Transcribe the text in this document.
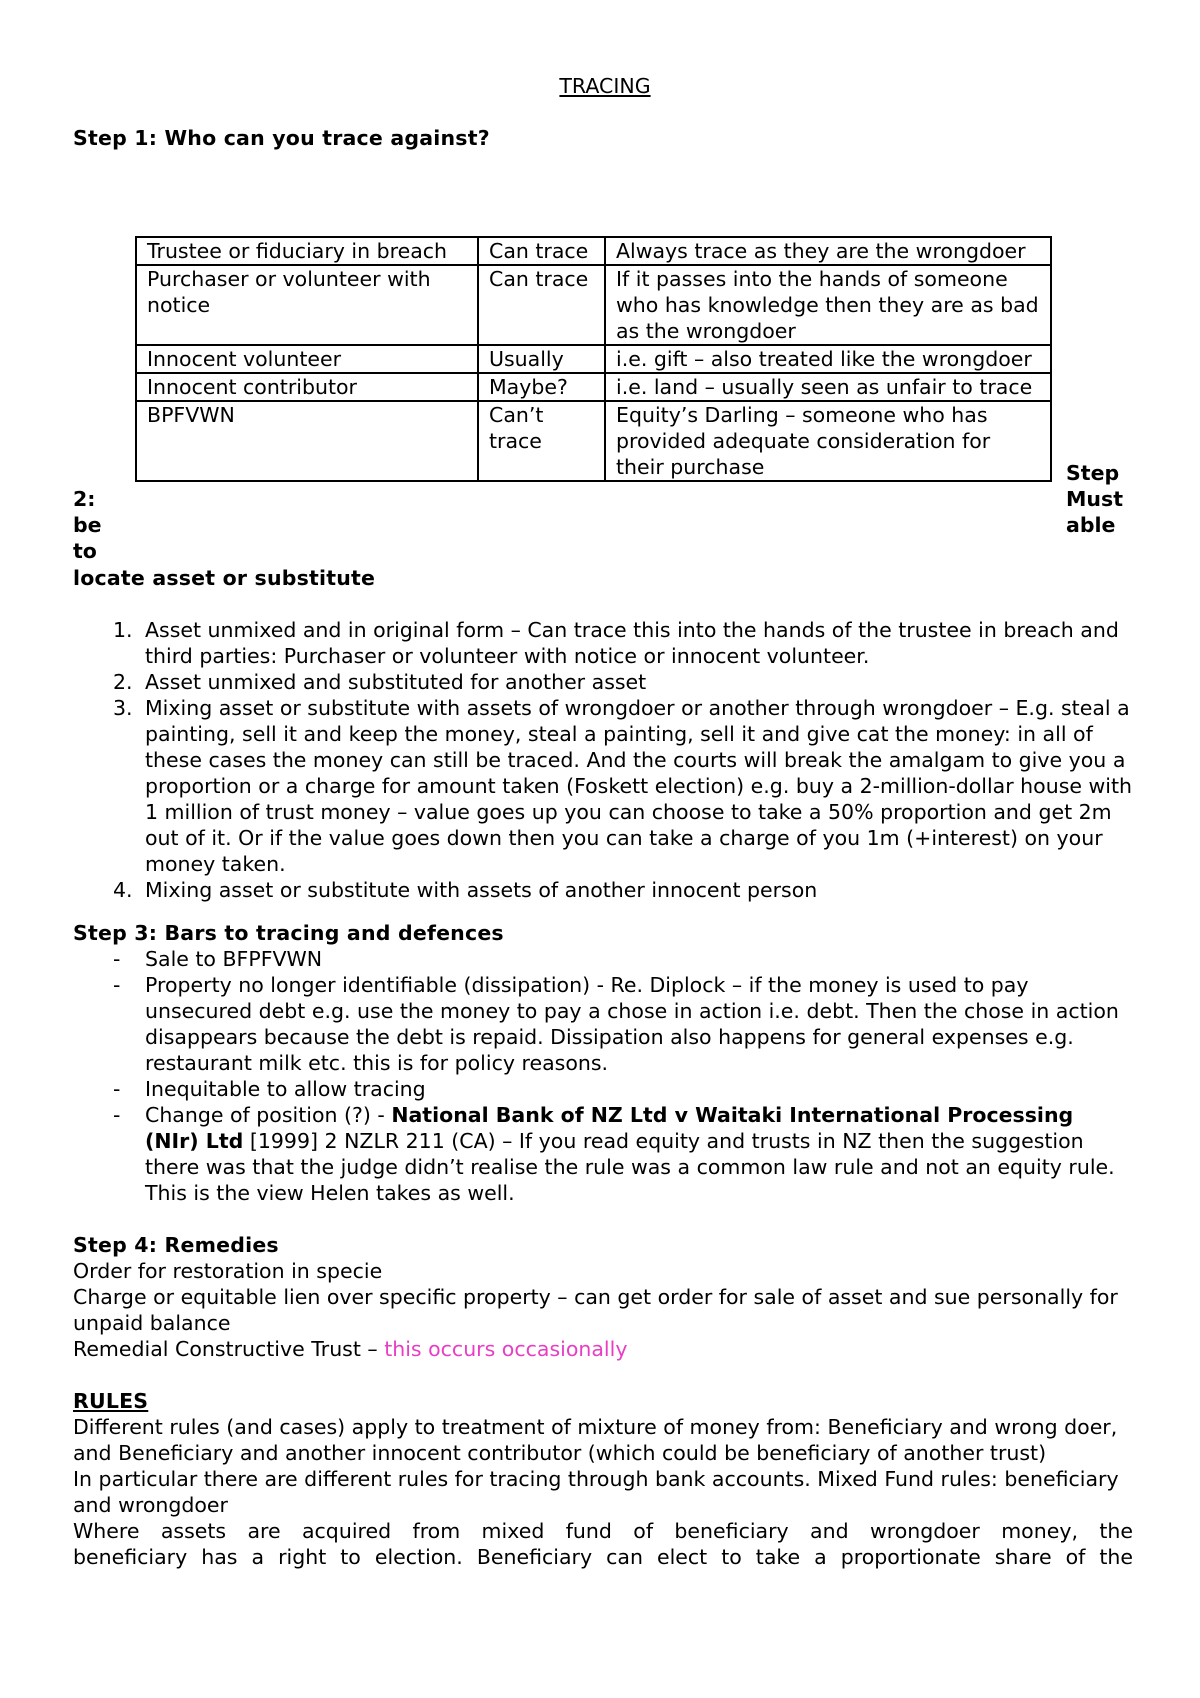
TRACING
Step 1: Who can you trace against?
Trustee or fiduciary in breach	Can trace	Always trace as they are the wrongdoer
Purchaser or volunteer with notice	Can trace	If it passes into the hands of someone who has knowledge then they are as bad as the wrongdoer
Innocent volunteer	Usually	i.e. gift – also treated like the wrongdoer
Innocent contributor	Maybe?	i.e. land – usually seen as unfair to trace
BPFVWN	Can’t trace	Equity’s Darling – someone who has provided adequate consideration for their purchase
2:
be
to
Step
Must
able
locate asset or substitute
1. Asset unmixed and in original form – Can trace this into the hands of the trustee in breach and third parties: Purchaser or volunteer with notice or innocent volunteer.
2. Asset unmixed and substituted for another asset
3. Mixing asset or substitute with assets of wrongdoer or another through wrongdoer – E.g. steal a painting, sell it and keep the money, steal a painting, sell it and give cat the money: in all of these cases the money can still be traced. And the courts will break the amalgam to give you a proportion or a charge for amount taken (Foskett election) e.g. buy a 2-million-dollar house with 1 million of trust money – value goes up you can choose to take a 50% proportion and get 2m out of it. Or if the value goes down then you can take a charge of you 1m (+interest) on your money taken.
4. Mixing asset or substitute with assets of another innocent person
Step 3: Bars to tracing and defences
-	Sale to BFPFVWN
-	Property no longer identifiable (dissipation) - Re. Diplock – if the money is used to pay unsecured debt e.g. use the money to pay a chose in action i.e. debt. Then the chose in action disappears because the debt is repaid. Dissipation also happens for general expenses e.g. restaurant milk etc. this is for policy reasons.
-	Inequitable to allow tracing
-	Change of position (?) - National Bank of NZ Ltd v Waitaki International Processing (NIr) Ltd [1999] 2 NZLR 211 (CA) – If you read equity and trusts in NZ then the suggestion there was that the judge didn’t realise the rule was a common law rule and not an equity rule. This is the view Helen takes as well.
Step 4: Remedies
Order for restoration in specie
Charge or equitable lien over specific property – can get order for sale of asset and sue personally for unpaid balance
Remedial Constructive Trust – this occurs occasionally
RULES
Different rules (and cases) apply to treatment of mixture of money from: Beneficiary and wrong doer, and Beneficiary and another innocent contributor (which could be beneficiary of another trust)
In particular there are different rules for tracing through bank accounts. Mixed Fund rules: beneficiary and wrongdoer
Where assets are acquired from mixed fund of beneficiary and wrongdoer money, the
beneficiary has a right to election. Beneficiary can elect to take a proportionate share of the
